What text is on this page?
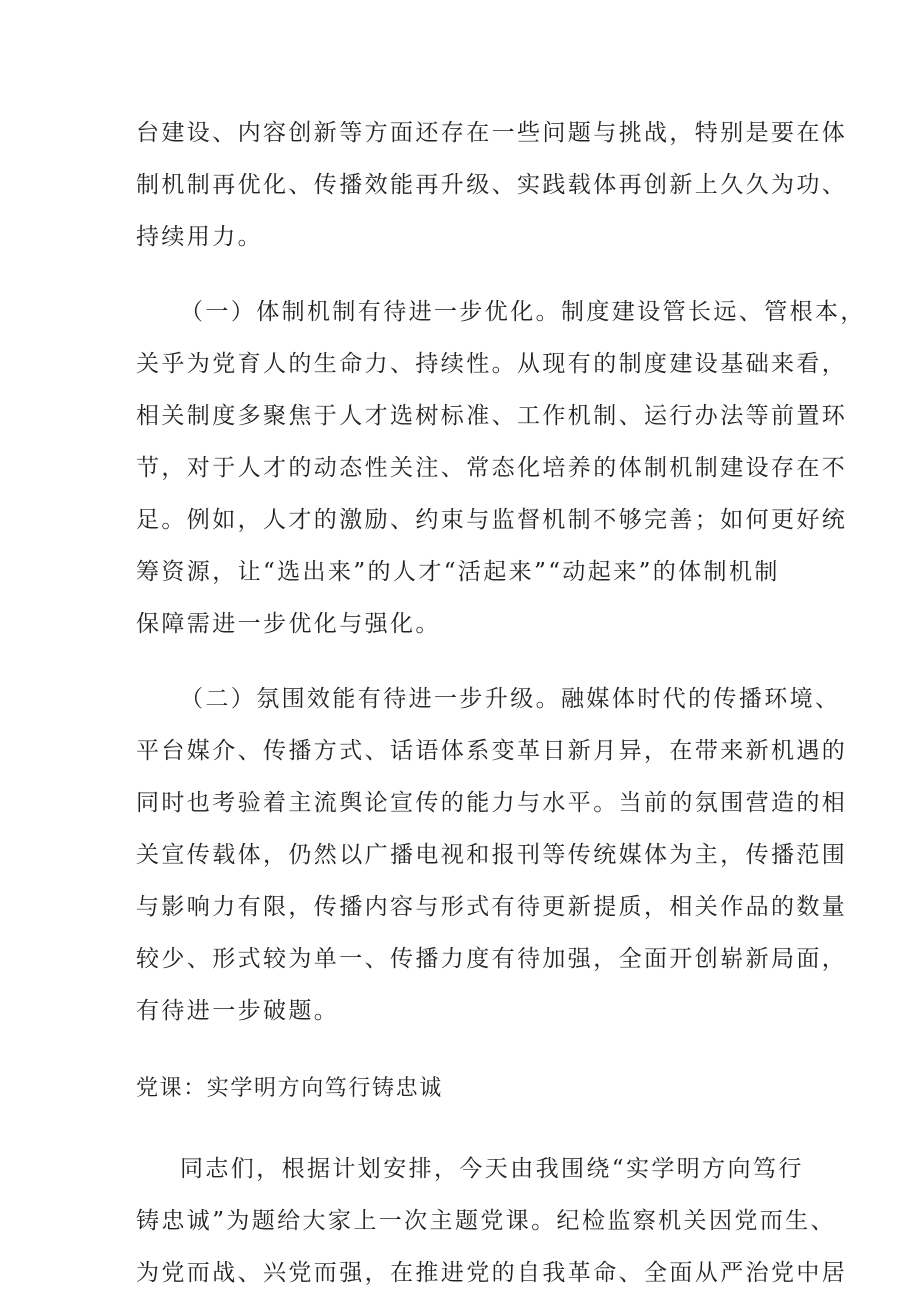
台建设、内容创新等方面还存在一些问题与挑战，特别是要在体
制机制再优化、传播效能再升级、实践载体再创新上久久为功、
持续用力。
（一）体制机制有待进一步优化。制度建设管长远、管根本，
关乎为党育人的生命力、持续性。从现有的制度建设基础来看，
相关制度多聚焦于人才选树标准、工作机制、运行办法等前置环
节，对于人才的动态性关注、常态化培养的体制机制建设存在不
足。例如，人才的激励、约束与监督机制不够完善；如何更好统
筹资源，让“选出来”的人才“活起来”“动起来”的体制机制
保障需进一步优化与强化。
（二）氛围效能有待进一步升级。融媒体时代的传播环境、
平台媒介、传播方式、话语体系变革日新月异，在带来新机遇的
同时也考验着主流舆论宣传的能力与水平。当前的氛围营造的相
关宣传载体，仍然以广播电视和报刊等传统媒体为主，传播范围
与影响力有限，传播内容与形式有待更新提质，相关作品的数量
较少、形式较为单一、传播力度有待加强，全面开创崭新局面，
有待进一步破题。
党课：实学明方向笃行铸忠诚
同志们，根据计划安排，今天由我围绕“实学明方向笃行
铸忠诚”为题给大家上一次主题党课。纪检监察机关因党而生、
为党而战、兴党而强，在推进党的自我革命、全面从严治党中居
